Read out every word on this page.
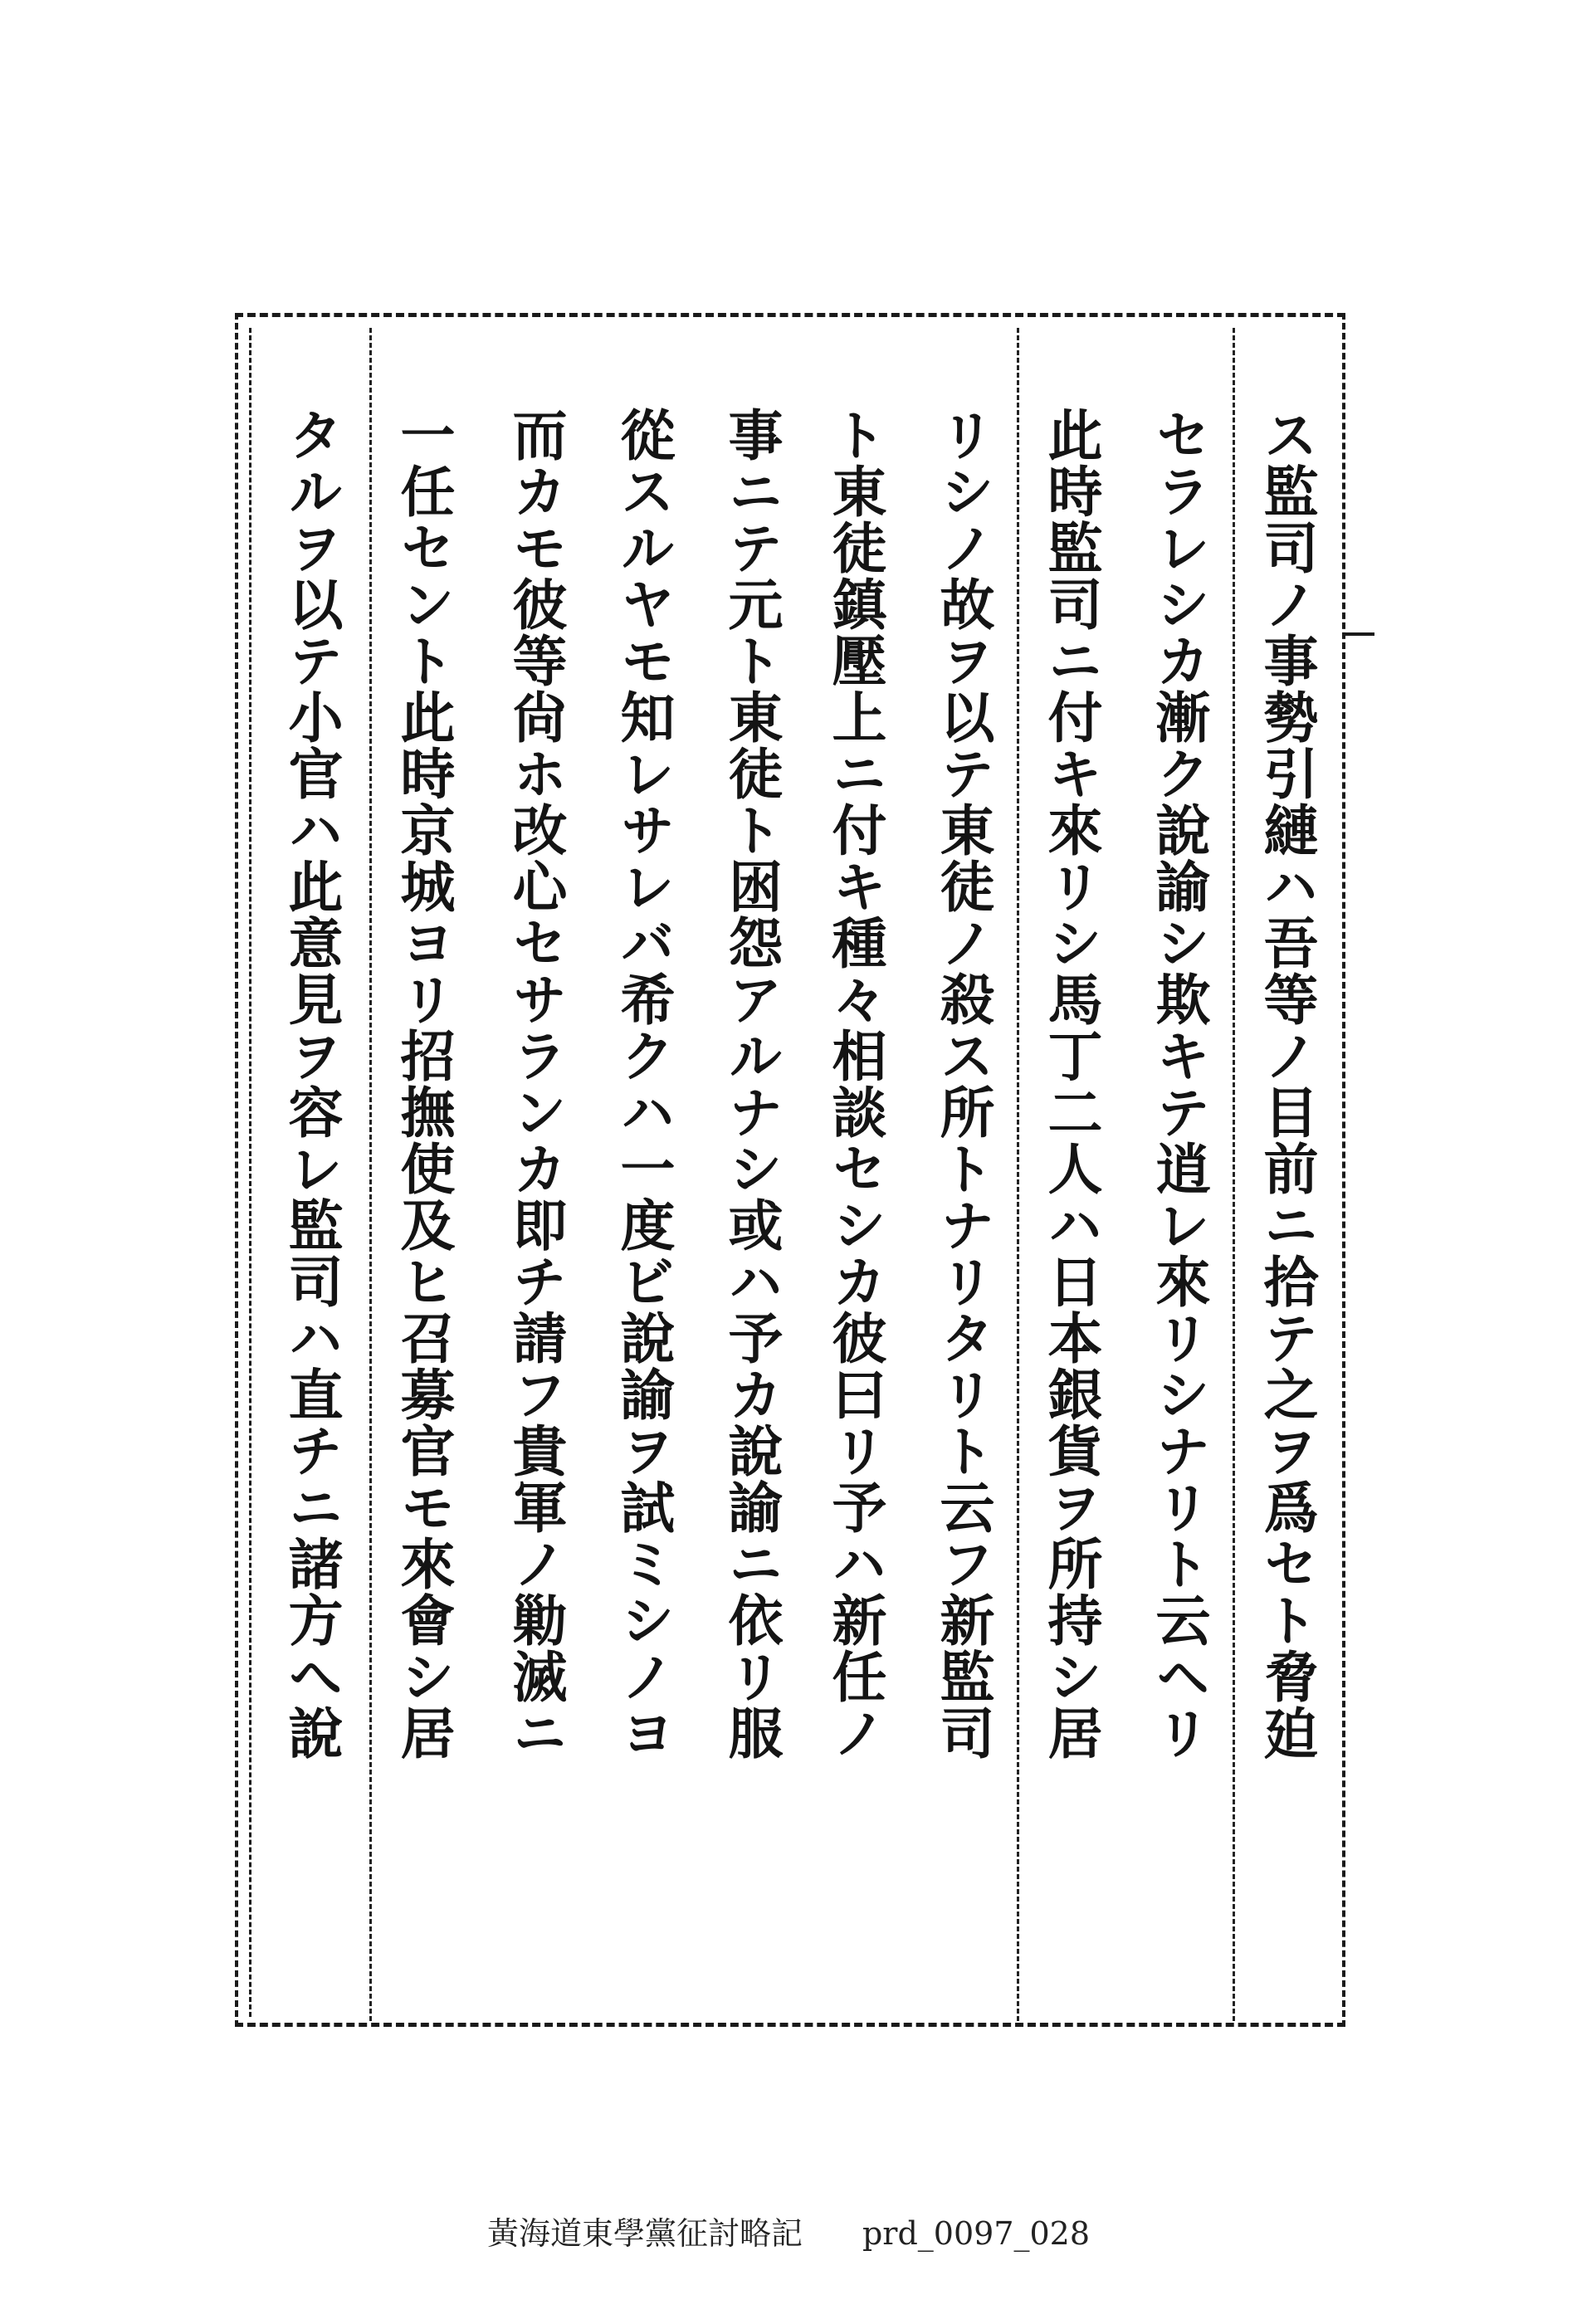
ス監司ノ事勢引縺ハ吾等ノ目前ニ拾テ之ヲ爲セト脅廹
セラレシカ漸ク說諭シ欺キテ逍レ來リシナリト云ヘリ
此時監司ニ付キ來リシ馬丁二人ハ日本銀貨ヲ所持シ居
リシノ故ヲ以テ東徒ノ殺ス所トナリタリト云フ新監司
ト東徒鎮壓上ニ付キ種々相談セシカ彼曰リ予ハ新任ノ
事ニテ元ト東徒ト囦怨アルナシ或ハ予カ說諭ニ依リ服
從スルヤモ知レサレバ希クハ一度ビ說諭ヲ試ミシノヨ
而カモ彼等尙ホ改心セサランカ即チ請フ貴軍ノ勦滅ニ
一任セント此時京城ヨリ招撫使及ヒ召募官モ來會シ居
タルヲ以テ小官ハ此意見ヲ容レ監司ハ直チニ諸方へ說
黃海道東學黨征討略記 prd_0097_028
